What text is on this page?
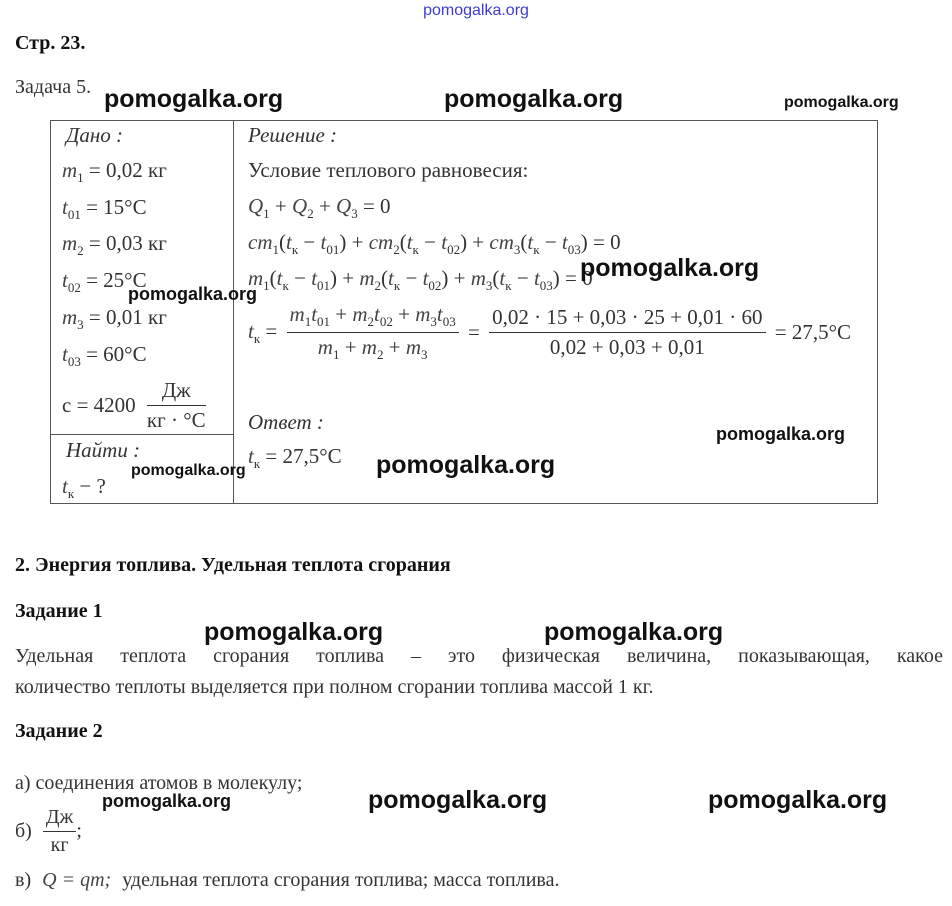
pomogalka.org
Стр. 23.
Задача 5.
Дано :
$m_1 = 0,02$ кг
$t_{01} = 15^\circ C$
$m_2 = 0,03$ кг
$t_{02} = 25^\circ C$
$m_3 = 0,01$ кг
$t_{03} = 60^\circ C$
$c = 4200 \frac{Дж}{кг \cdot ^\circ C}$
Найти :
$t_к$ − ?
Решение :
Условие теплового равновесия:
$Q_1 + Q_2 + Q_3 = 0$
$cm_1(t_к - t_{01}) + cm_2(t_к - t_{02}) + cm_3(t_к - t_{03}) = 0$
$m_1(t_к - t_{01}) + m_2(t_к - t_{02}) + m_3(t_к - t_{03}) = 0$
$t_к = \frac{m_1t_{01} + m_2t_{02} + m_3t_{03}}{m_1 + m_2 + m_3} = \frac{0,02 \cdot 15 + 0,03 \cdot 25 + 0,01 \cdot 60}{0,02 + 0,03 + 0,01} = 27,5^\circ C$
Ответ :
$t_к = 27,5^\circ C$
2. Энергия топлива. Удельная теплота сгорания
Задание 1
Удельная теплота сгорания топлива – это физическая величина, показывающая, какое
количество теплоты выделяется при полном сгорании топлива массой 1 кг.
Задание 2
а) соединения атомов в молекулу;
$б) \frac{Дж}{кг}$ ;
в) Q = qm; удельная теплота сгорания топлива; масса топлива.
pomogalka.org	pomogalka.org	pomogalka.org
pomogalka.org
pomogalka.org
pomogalka.org
pomogalka.org
pomogalka.org
pomogalka.org	pomogalka.org
pomogalka.org	pomogalka.org	pomogalka.org
